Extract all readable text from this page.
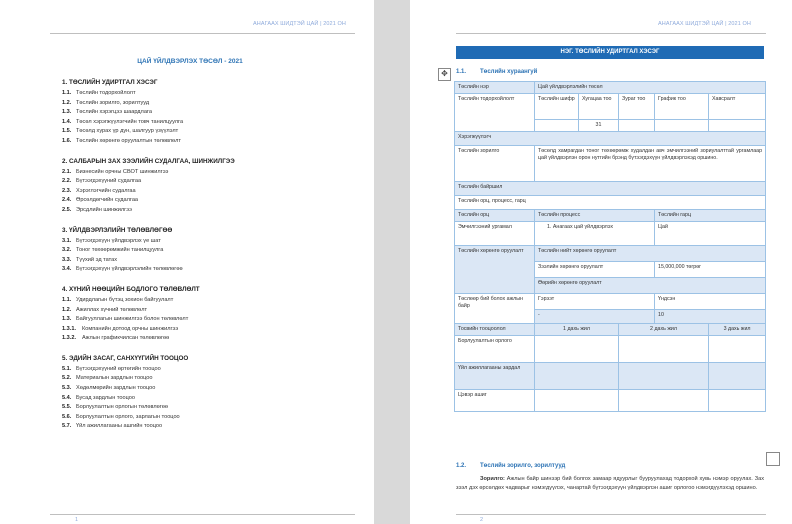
АНАГААХ ШИДТЭЙ ЦАЙ | 2021 ОН
ЦАЙ ҮЙЛДВЭРЛЭХ ТӨСӨЛ - 2021
1. ТӨСЛИЙН УДИРТГАЛ ХЭСЭГ
1.1. Төслийн тодорхойлолт
1.2. Төслийн зорилго, зорилтууд
1.3. Төслийн хэрэгцээ шаардлага
1.4. Төсөл хэрэгжүүлэгчийн товч танилцуулга
1.5. Төсөлд хурах үр дүн, шалгуур үзүүлэлт
1.6. Төслийн хөрөнгө оруулалтын төлөвлөлт
2. САЛБАРЫН ЗАХ ЗЭЭЛИЙН СУДАЛГАА, ШИНЖИЛГЭЭ
2.1. Бизнесийн орчны СВОТ шинжилгээ
2.2. Бүтээгдэхүүний судалгаа
2.3. Хэрэглэгчийн судалгаа
2.4. Өрсөлдөгчийн судалгаа
2.5. Эрсдлийн шинжилгээ
3. ҮЙЛДВЭРЛЭЛИЙН ТӨЛӨВЛӨГӨӨ
3.1. Бүтээгдэхүүн үйлдвэрлэх үе шат
3.2. Тоног төхөөрөмжийн танилцуулга
3.3. Түүхий эд татах
3.4. Бүтээгдэхүүн үйлдвэрлэлийн төлөвлөгөө
4. ХҮНИЙ НӨӨЦИЙН БОДЛОГО ТӨЛӨВЛӨЛТ
1.1. Удирдлагын бүтэц зохион байгуулалт
1.2. Ажиллах хүчний төлөвлөлт
1.3. Байгууллагын шинжилгээ болон төлөвлөлт
1.3.1. Компанийн дотоод орчны шинжилгээ
1.3.2. Ажлын графикчилсан төлөвлөгөө
5. ЭДИЙН ЗАСАГ, САНХҮҮГИЙН ТООЦОО
5.1. Бүтээгдэхүүний өртөгийн тооцоо
5.2. Материалын зардлын тооцоо
5.3. Хөдөлмөрийн зардлын тооцоо
5.4. Бусад зардлын тооцоо
5.5. Борлуулалтын орлогын төлөвлөгөө
5.6. Борлуулалтын орлого, зарлагын тооцоо
5.7. Үйл ажиллагааны ашгийн тооцоо
1
АНАГААХ ШИДТЭЙ ЦАЙ | 2021 ОН
НЭГ. ТӨСЛИЙН УДИРТГАЛ ХЭСЭГ
✥	1.1. Төслийн хураангуй
Төслийн нэр	Цай үйлдвэрлэлийн төсөл				
Төслийн тодорхойлолт	Төслийн шифр	Хугацаа тоо	Зураг тоо	График тоо	Хавсралт
		31			
Хэрэгжүүлэгч					
Төслийн зорилго	Төсөлд хамрагдан тоног төхөөрөмж худалдан авч эмчилгээний зориулалттай ургамлаар цай үйлдвэрлэн орон нутгийн брэнд бүтээгдэхүүн үйлдвэрлэхэд оршино.				
Төслийн байршил					
Төслийн орц, процесс, гарц					
Төслийн орц	Төслийн процесс			Төслийн гарц	
Эмчилгээний ургамал	1. Анагаах цай үйлдвэрлэх			Цай	
Төслийн хөрөнгө оруулалт	Төслийн нийт хөрөнгө оруулалт				
	Зээлийн хөрөнгө оруулалт			15,000,000 төгрөг	
	Өөрийн хөрөнгө оруулалт				
Төслөөр бий болох ажлын байр	Гэрээт			Үндсэн	
	-			10	
Тосвийн тооцоолол	1 дахь жил		2 дахь жил		3 дахь жил
Борлуулалтын орлого					
Үйл ажиллагааны зардал					
Цэвэр ашиг					
1.2. Төслийн зорилго, зорилтууд
Зорилго: Ажлын байр шинээр бий болгох замаар ядуурлыг бууруулахад тодорхой хувь нэмэр оруулах. Зах зээл дэх өрсөлдөх чадварыг нэмэгдүүлэх, чанартай бүтээгдэхүүн үйлдвэрлэн ашиг орлогоо нэмэгдүүлэхэд оршино.
2
